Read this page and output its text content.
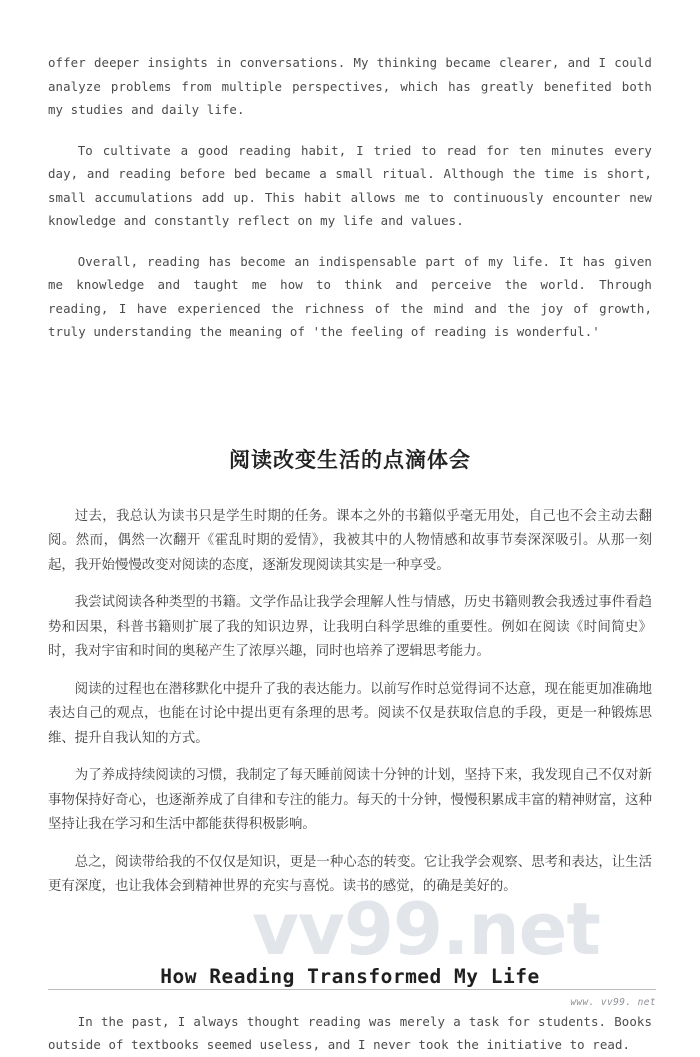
vv99.net

offer deeper insights in conversations. My thinking became clearer, and I could analyze problems from multiple perspectives, which has greatly benefited both my studies and daily life.

To cultivate a good reading habit, I tried to read for ten minutes every day, and reading before bed became a small ritual. Although the time is short, small accumulations add up. This habit allows me to continuously encounter new knowledge and constantly reflect on my life and values.

Overall, reading has become an indispensable part of my life. It has given me knowledge and taught me how to think and perceive the world. Through reading, I have experienced the richness of the mind and the joy of growth, truly understanding the meaning of 'the feeling of reading is wonderful.'

阅读改变生活的点滴体会

过去，我总认为读书只是学生时期的任务。课本之外的书籍似乎毫无用处，自己也不会主动去翻阅。然而，偶然一次翻开《霍乱时期的爱情》，我被其中的人物情感和故事节奏深深吸引。从那一刻起，我开始慢慢改变对阅读的态度，逐渐发现阅读其实是一种享受。

我尝试阅读各种类型的书籍。文学作品让我学会理解人性与情感，历史书籍则教会我透过事件看趋势和因果，科普书籍则扩展了我的知识边界，让我明白科学思维的重要性。例如在阅读《时间简史》时，我对宇宙和时间的奥秘产生了浓厚兴趣，同时也培养了逻辑思考能力。

阅读的过程也在潜移默化中提升了我的表达能力。以前写作时总觉得词不达意，现在能更加准确地表达自己的观点，也能在讨论中提出更有条理的思考。阅读不仅是获取信息的手段，更是一种锻炼思维、提升自我认知的方式。

为了养成持续阅读的习惯，我制定了每天睡前阅读十分钟的计划，坚持下来，我发现自己不仅对新事物保持好奇心，也逐渐养成了自律和专注的能力。每天的十分钟，慢慢积累成丰富的精神财富，这种坚持让我在学习和生活中都能获得积极影响。

总之，阅读带给我的不仅仅是知识，更是一种心态的转变。它让我学会观察、思考和表达，让生活更有深度，也让我体会到精神世界的充实与喜悦。读书的感觉，的确是美好的。

How Reading Transformed My Life

In the past, I always thought reading was merely a task for students. Books outside of textbooks seemed useless, and I never took the initiative to read.

www. vv99. net
